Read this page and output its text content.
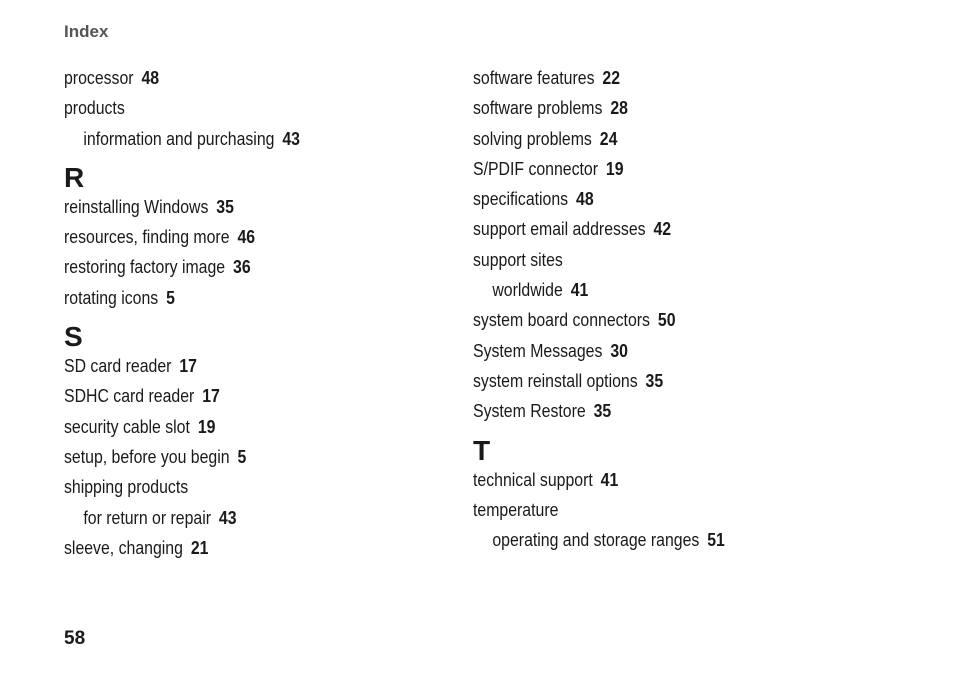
Index
processor 48
products
information and purchasing 43
R
reinstalling Windows 35
resources, finding more 46
restoring factory image 36
rotating icons 5
S
SD card reader 17
SDHC card reader 17
security cable slot 19
setup, before you begin 5
shipping products
for return or repair 43
sleeve, changing 21
software features 22
software problems 28
solving problems 24
S/PDIF connector 19
specifications 48
support email addresses 42
support sites
worldwide 41
system board connectors 50
System Messages 30
system reinstall options 35
System Restore 35
T
technical support 41
temperature
operating and storage ranges 51
58
